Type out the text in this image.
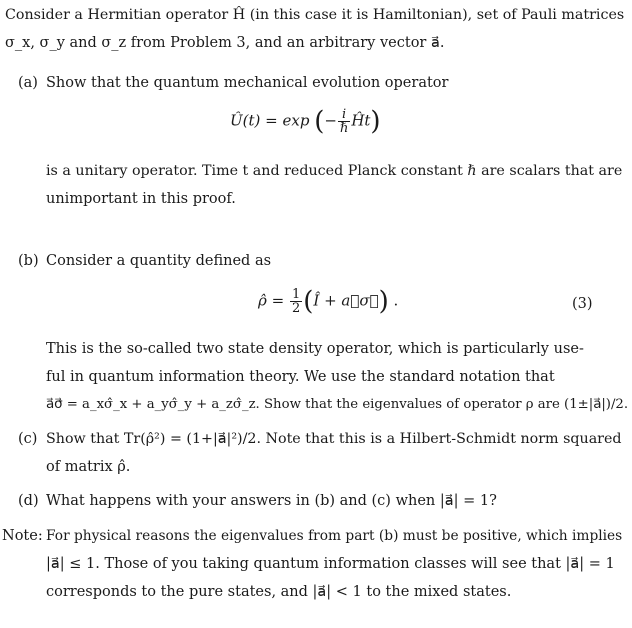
Consider a Hermitian operator Ĥ (in this case it is Hamiltonian), set of Pauli matrices
σ_x, σ_y and σ_z from Problem 3, and an arbitrary vector a⃗.
(a) Show that the quantum mechanical evolution operator
Û(t) = exp (− $\frac{i}{\text{ℏ}}$ Ĥt)
is a unitary operator. Time t and reduced Planck constant ℏ are scalars that are
unimportant in this proof.
(b) Consider a quantity defined as
ρ̂ = $\frac{1}{2}$ (Î + a⃗σ⃗) .	(3)
This is the so-called two state density operator, which is particularly use-
ful in quantum information theory. We use the standard notation that
a⃗σ⃗ = a_xσ̂_x + a_yσ̂_y + a_zσ̂_z. Show that the eigenvalues of operator ρ are (1±|a⃗|)/2.
(c) Show that Tr(ρ̂²) = (1+|a⃗|²)/2. Note that this is a Hilbert-Schmidt norm squared
of matrix ρ̂.
(d) What happens with your answers in (b) and (c) when |a⃗| = 1?
Note: For physical reasons the eigenvalues from part (b) must be positive, which implies
|a⃗| ≤ 1. Those of you taking quantum information classes will see that |a⃗| = 1
corresponds to the pure states, and |a⃗| < 1 to the mixed states.
